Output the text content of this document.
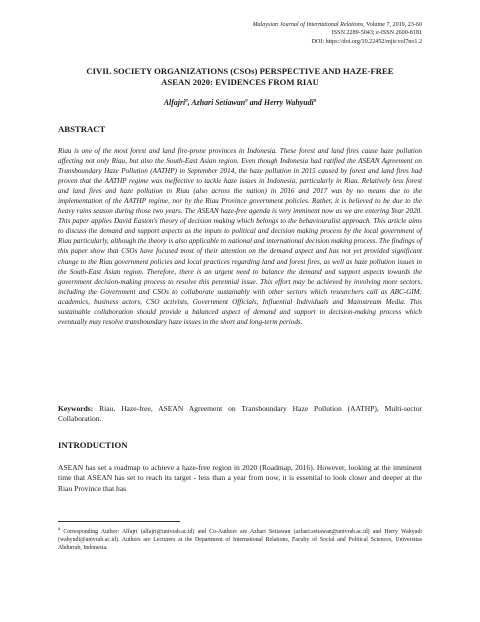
Malaysian Journal of International Relations, Volume 7, 2019, 23-60
ISSN 2289-5043; e-ISSN 2600-8181
DOI: https://doi.org/10.22452/mjir.vol7no1.2
CIVIL SOCIETY ORGANIZATIONS (CSOs) PERSPECTIVE AND HAZE-FREE
ASEAN 2020: EVIDENCES FROM RIAU
Alfajri$^a$, Azhari Setiawan$^a$ and Herry Wahyudi$^a$
ABSTRACT

Riau is one of the most forest and land fire-prone provinces in Indonesia. These forest and land fires cause haze pollution affecting not only Riau, but also the South-East Asian region. Even though Indonesia had ratified the ASEAN Agreement on Transboundary Haze Pollution (AATHP) in September 2014, the haze pollution in 2015 caused by forest and land fires had proven that the AATHP regime was ineffective to tackle haze issues in Indonesia, particularly in Riau. Relatively less forest and land fires and haze pollution in Riau (also across the nation) in 2016 and 2017 was by no means due to the implementation of the AATHP regime, nor by the Riau Province government policies. Rather, it is believed to be due to the heavy rains season during those two years. The ASEAN haze-free agenda is very imminent now as we are entering Year 2020. This paper applies David Easton's theory of decision making which belongs to the behaviouralist approach. This article aims to discuss the demand and support aspects as the inputs to political and decision making process by the local government of Riau particularly, although the theory is also applicable to national and international decision making process. The findings of this paper show that CSOs have focused most of their attention on the demand aspect and has not yet provided significant change to the Riau government policies and local practices regarding land and forest fires, as well as haze pollution issues in the South-East Asian region. Therefore, there is an urgent need to balance the demand and support aspects towards the government decision-making process to resolve this perennial issue. This effort may be achieved by involving more sectors, including the Government and CSOs to collaborate sustainably with other sectors which researchers call as ABC-GIM: academics, business actors, CSO activists, Government Officials, Influential Individuals and Mainstream Media. This sustainable collaboration should provide a balanced aspect of demand and support in decision-making process which eventually may resolve transboundary haze issues in the short and long-term periods.

Keywords: Riau, Haze-free, ASEAN Agreement on Transboundary Haze Pollution (AATHP), Multi-sector Collaboration.

INTRODUCTION

ASEAN has set a roadmap to achieve a haze-free region in 2020 (Roadmap, 2016). However, looking at the imminent time that ASEAN has set to reach its target - less than a year from now, it is essential to look closer and deeper at the Riau Province that has

$^a$ Corresponding Author: Alfajri (alfajri@univrab.ac.id) and Co-Authors are Azhari Setiawan (azhari.setiawan@univrab.ac.id) and Herry Wahyudi (wahyudi@univrab.ac.id). Authors are Lecturers at the Department of International Relations, Faculty of Social and Political Sciences, Universitas Abdurrab, Indonesia.
